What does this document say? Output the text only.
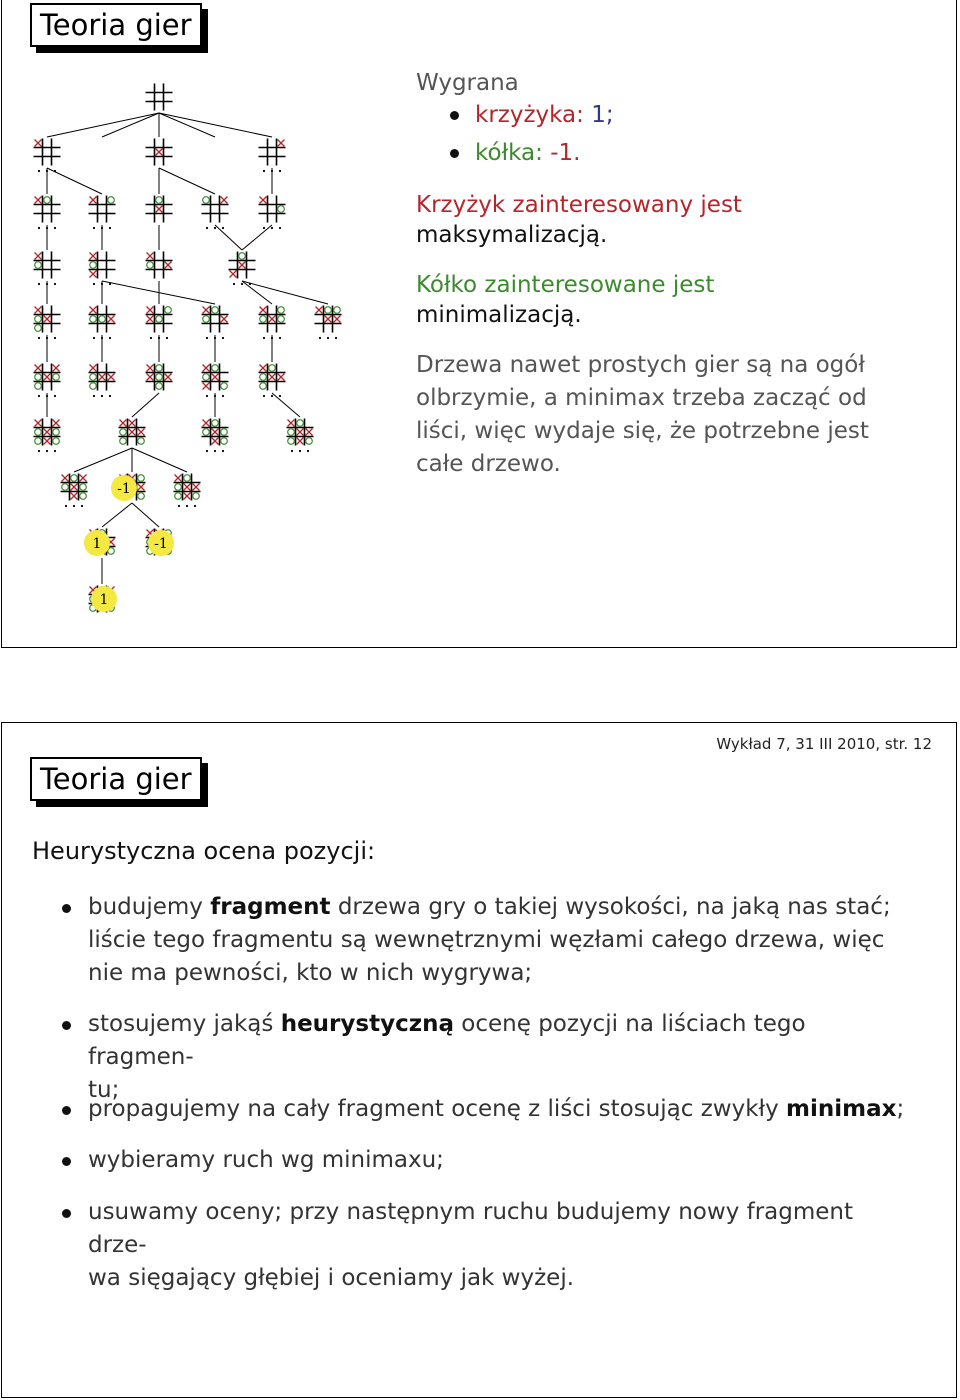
Teoria gier
-1
1	-1
1
Wygrana
krzyżyka: 1;
kółka: -1.
Krzyżyk zainteresowany jest
maksymalizacją.
Kółko zainteresowane jest
minimalizacją.
Drzewa nawet prostych gier są na ogół
olbrzymie, a minimax trzeba zacząć od
liści, więc wydaje się, że potrzebne jest
całe drzewo.
Teoria gier
Wykład 7, 31 III 2010, str. 12
Heurystyczna ocena pozycji:
budujemy fragment drzewa gry o takiej wysokości, na jaką nas stać;
liście tego fragmentu są wewnętrznymi węzłami całego drzewa, więc
nie ma pewności, kto w nich wygrywa;
stosujemy jakąś heurystyczną ocenę pozycji na liściach tego fragmen-
tu;
propagujemy na cały fragment ocenę z liści stosując zwykły minimax;
wybieramy ruch wg minimaxu;
usuwamy oceny; przy następnym ruchu budujemy nowy fragment drze-
wa sięgający głębiej i oceniamy jak wyżej.
